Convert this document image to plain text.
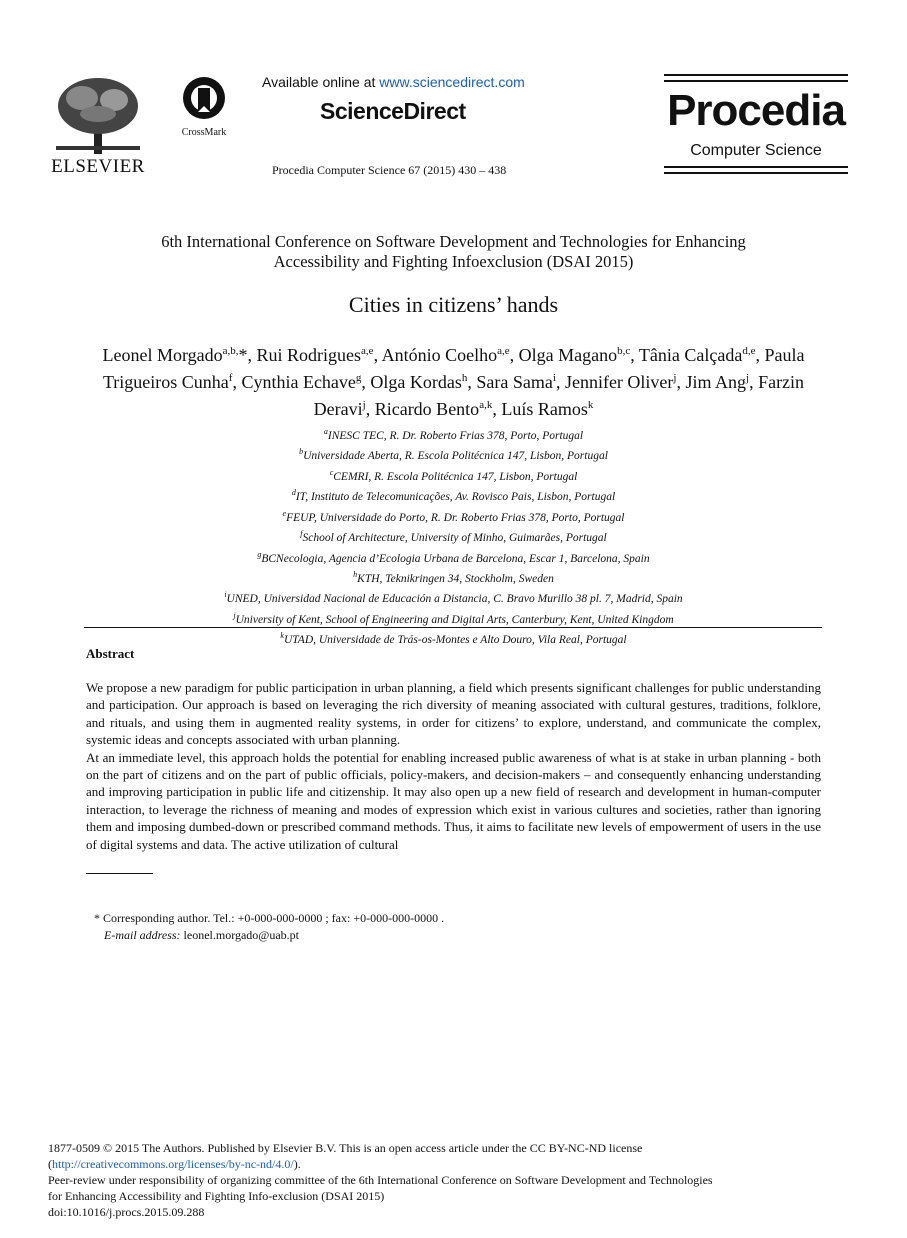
ELSEVIER
CrossMark
Available online at www.sciencedirect.com
ScienceDirect
Procedia Computer Science 67 (2015) 430 – 438
Procedia
Computer Science
6th International Conference on Software Development and Technologies for Enhancing
Accessibility and Fighting Infoexclusion (DSAI 2015)
Cities in citizens’ hands
Leonel Morgado$^{a,b,}$*, Rui Rodrigues$^{a,e}$, António Coelho$^{a,e}$, Olga Magano$^{b,c}$, Tânia Calçada$^{d,e}$, Paula Trigueiros Cunha$^f$, Cynthia Echave$^g$, Olga Kordas$^h$, Sara Sama$^i$, Jennifer Oliver$^j$, Jim Ang$^j$, Farzin Deravi$^j$, Ricardo Bento$^{a,k}$, Luís Ramos$^k$
$^a$INESC TEC, R. Dr. Roberto Frias 378, Porto, Portugal
$^b$Universidade Aberta, R. Escola Politécnica 147, Lisbon, Portugal
$^c$CEMRI, R. Escola Politécnica 147, Lisbon, Portugal
$^d$IT, Instituto de Telecomunicações, Av. Rovisco Pais, Lisbon, Portugal
$^e$FEUP, Universidade do Porto, R. Dr. Roberto Frias 378, Porto, Portugal
$^f$School of Architecture, University of Minho, Guimarães, Portugal
$^g$BCNecologia, Agencia d’Ecologia Urbana de Barcelona, Escar 1, Barcelona, Spain
$^h$KTH, Teknikringen 34, Stockholm, Sweden
$^i$UNED, Universidad Nacional de Educación a Distancia, C. Bravo Murillo 38 pl. 7, Madrid, Spain
$^j$University of Kent, School of Engineering and Digital Arts, Canterbury, Kent, United Kingdom
$^k$UTAD, Universidade de Trás-os-Montes e Alto Douro, Vila Real, Portugal
Abstract

We propose a new paradigm for public participation in urban planning, a field which presents significant challenges for public understanding and participation. Our approach is based on leveraging the rich diversity of meaning associated with cultural gestures, traditions, folklore, and rituals, and using them in augmented reality systems, in order for citizens’ to explore, understand, and communicate the complex, systemic ideas and concepts associated with urban planning.

At an immediate level, this approach holds the potential for enabling increased public awareness of what is at stake in urban planning - both on the part of citizens and on the part of public officials, policy-makers, and decision-makers – and consequently enhancing understanding and improving participation in public life and citizenship. It may also open up a new field of research and development in human-computer interaction, to leverage the richness of meaning and modes of expression which exist in various cultures and societies, rather than ignoring them and imposing dumbed-down or prescribed command methods. Thus, it aims to facilitate new levels of empowerment of users in the use of digital systems and data. The active utilization of cultural

* Corresponding author. Tel.: +0-000-000-0000 ; fax: +0-000-000-0000 .
E-mail address: leonel.morgado@uab.pt
1877-0509 © 2015 The Authors. Published by Elsevier B.V. This is an open access article under the CC BY-NC-ND license
(http://creativecommons.org/licenses/by-nc-nd/4.0/).
Peer-review under responsibility of organizing committee of the 6th International Conference on Software Development and Technologies
for Enhancing Accessibility and Fighting Info-exclusion (DSAI 2015)
doi:10.1016/j.procs.2015.09.288
